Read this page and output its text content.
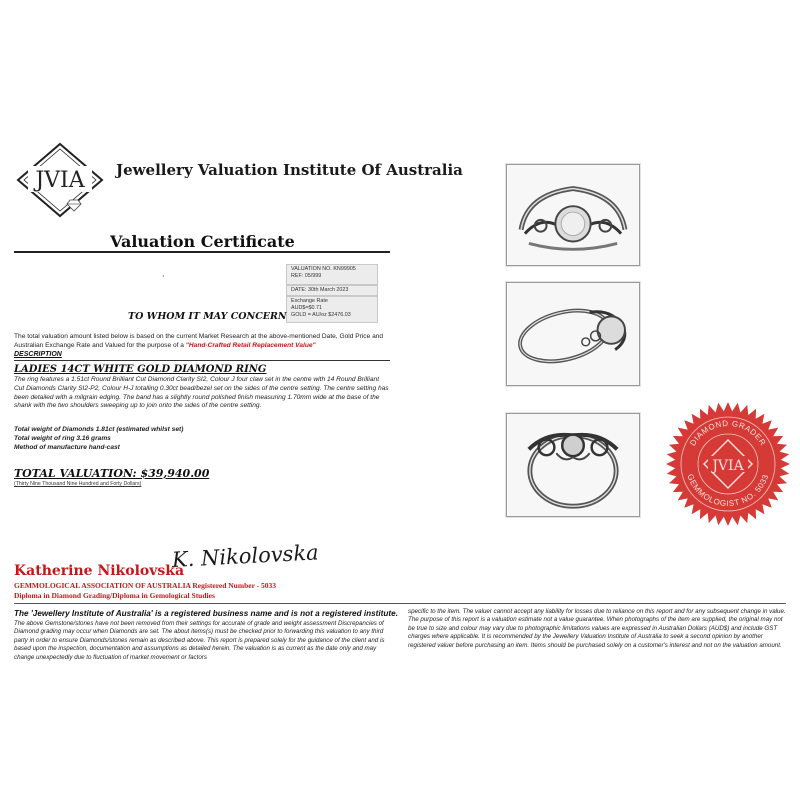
JVIA Jewellery Valuation Institute Of Australia
Valuation Certificate
·
VALUATION NO. KN99905
REF: 05/999
DATE: 30th March 2023
Exchange Rate
AUD$=$0.71
GOLD = AU/oz $2476.03
TO WHOM IT MAY CONCERN
The total valuation amount listed below is based on the current Market Research at the above-mentioned Date, Gold Price and Australian Exchange Rate and Valued for the purpose of a "Hand-Crafted Retail Replacement Value"
DESCRIPTION
LADIES 14CT WHITE GOLD DIAMOND RING
The ring features a 1.51ct Round Brilliant Cut Diamond Clarity SI2, Colour J four claw set in the centre with 14 Round Brilliant Cut Diamonds Clarity SI2-P2, Colour H-J totalling 0.30ct bead/bezel set on the sides of the centre setting. The centre setting has been detailed with a milgrain edging. The band has a slightly round polished finish measuring 1.70mm wide at the base of the shank with the two shoulders sweeping up to join onto the sides of the centre setting.
Total weight of Diamonds 1.81ct (estimated whilst set)
Total weight of ring 3.16 grams
Method of manufacture hand-cast
TOTAL VALUATION: $39,940.00
(Thirty Nine Thousand Nine Hundred and Forty Dollars)
Katherine Nikolovska
K. Nikolovska
GEMMOLOGICAL ASSOCIATION OF AUSTRALIA Registered Number - 5033
Diploma in Diamond Grading/Diploma in Gemological Studies
The 'Jewellery Institute of Australia' is a registered business name and is not a registered institute.
The above Gemstone/stones have not been removed from their settings for accurate of grade and weight assessment Discrepancies of Diamond grading may occur when Diamonds are set. The about items(s) must be checked prior to forwarding this valuation to any third party in order to ensure Diamonds/stones remain as described above. This report is prepared solely for the guidance of the client and is based upon the inspection, documentation and assumptions as detailed herein. The valuation is as current as the date only and may change unexpectedly due to fluctuation of market movement or factors
specific to the item. The valuer cannot accept any liability for losses due to reliance on this report and for any subsequent change in value. The purpose of this report is a valuation estimate not a value guarantee. When photographs of the item are supplied, the original may not be true to size and colour may vary due to photographic limitations values are expressed in Australian Dollars (AUD$) and include GST charges where applicable. It is recommended by the Jewellery Valuation Institute of Australia to seek a second opinion by another registered valuer before purchasing an item. Items should be purchased solely on a customer's interest and not on the valuation amount.
DIAMOND GRADER
GEMMOLOGIST NO. 5033
JVIA
